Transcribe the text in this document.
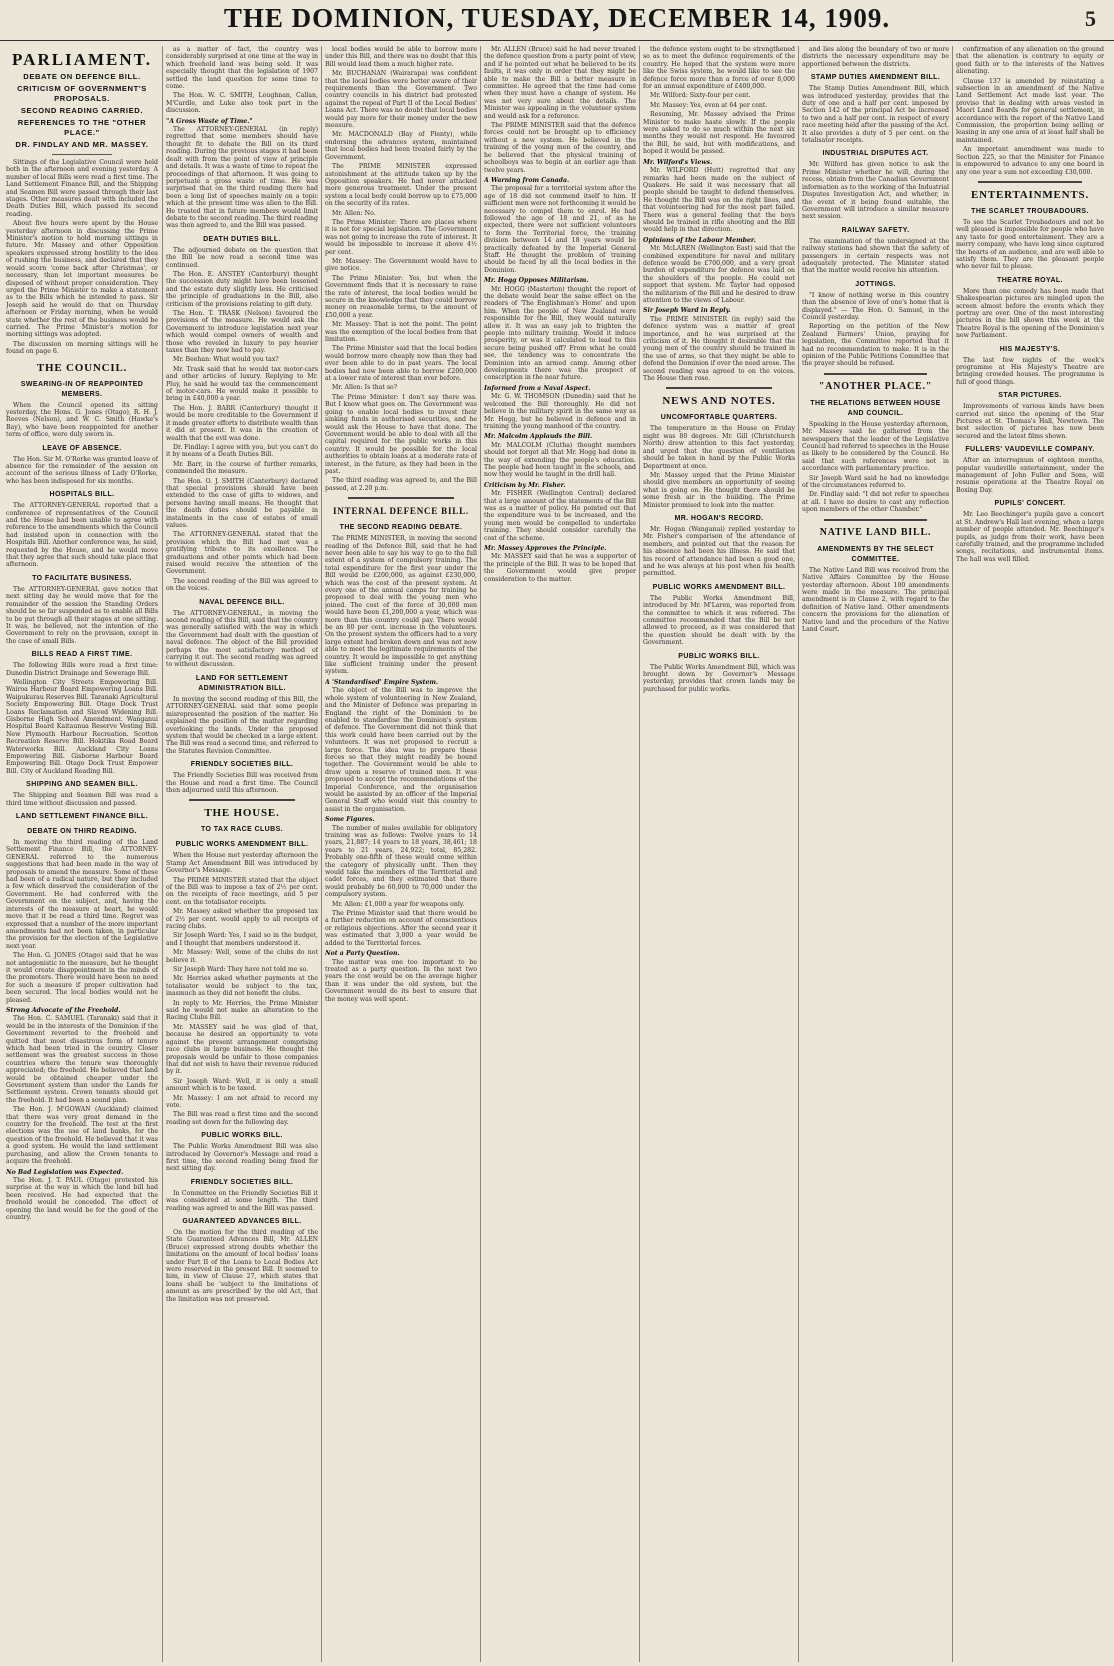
THE DOMINION, TUESDAY, DECEMBER 14, 1909.	5
PARLIAMENT.
DEBATE ON DEFENCE BILL.
CRITICISM OF GOVERNMENT'S PROPOSALS.
SECOND READING CARRIED.
REFERENCES TO THE "OTHER PLACE."
DR. FINDLAY AND MR. MASSEY.

Sittings of the Legislative Council were held both in the afternoon and evening yesterday. A number of local Bills were read a first time. The Land Settlement Finance Bill, and the Shipping and Seamen Bill were passed through their last stages. Other measures dealt with included the Death Duties Bill, which passed its second reading.

About five hours were spent by the House yesterday afternoon in discussing the Prime Minister's motion to hold morning sittings in future. Mr. Massey and other Opposition speakers expressed strong hostility to the idea of rushing the business, and declared that they would scorn 'come back after Christmas', or necessary, than let important measures be disposed of without proper consideration. They urged the Prime Minister to make a statement as to the Bills which he intended to pass. Sir Joseph said he would do that on Thursday afternoon or Friday morning, when he would state whether the rest of the business would be carried. The Prime Minister's motion for morning sittings was adopted.

The discussion on morning sittings will be found on page 6.

THE COUNCIL.
SWEARING-IN OF REAPPOINTED MEMBERS.

When the Council opened its sitting yesterday, the Hons. G. Jones (Otago), R. H. J. Reeves (Nelson), and W. C. Smith (Hawke's Bay), who have been reappointed for another term of office, were duly sworn in.

LEAVE OF ABSENCE.

The Hon. Sir M. O'Rorke was granted leave of absence for the remainder of the session on account of the serious illness of Lady O'Rorke, who has been indisposed for six months.

HOSPITALS BILL.

The ATTORNEY-GENERAL reported that a conference of representatives of the Council and the House had been unable to agree with reference to the amendments which the Council had insisted upon in connection with the Hospitals Bill. Another conference was, he said, requested by the House, and he would move that they agree that such should take place that afternoon.

TO FACILITATE BUSINESS.

The ATTORNEY-GENERAL gave notice that next sitting day he would move that for the remainder of the session the Standing Orders should be so far suspended as to enable all Bills to be put through all their stages at one sitting. It was, he believed, not the intention of the Government to rely on the provision, except in the case of small Bills.

BILLS READ A FIRST TIME.

The following Bills were read a first time: Dunedin District Drainage and Sewerage Bill.

Wellington City Streets Empowering Bill. Wairoa Harbour Board Empowering Loans Bill. Waipukurau Reserves Bill. Taranaki Agricultural Society Empowering Bill. Otago Dock Trust Loans Reclamation and Slaved Widening Bill. Gisborne High School Amendment. Wanganui Hospital Board Kaitaunua Reserve Vesting Bill. New Plymouth Harbour Recreation. Scotton Recreation Reserve Bill. Hokitika Road Board Waterworks Bill. Auckland City Loans Empowering Bill. Gisborne Harbour Board Empowering Bill. Otago Dock Trust Empower Bill. City of Auckland Reading Bill.

SHIPPING AND SEAMEN BILL.

The Shipping and Seamen Bill was read a third time without discussion and passed.

LAND SETTLEMENT FINANCE BILL.
DEBATE ON THIRD READING.

In moving the third reading of the Land Settlement Finance Bill, the ATTORNEY-GENERAL referred to the numerous suggestions that had been made in the way of proposals to amend the measure. Some of these had been of a radical nature, but they included a few which deserved the consideration of the Government. He had conferred with the Government on the subject, and, having the interests of the measure at heart, he would move that it be read a third time. Regret was expressed that a number of the more important amendments had not been taken, in particular the provision for the election of the Legislative next year.

The Hon. G. JONES (Otago) said that he was not antagonistic to the measure, but he thought it would create disappointment in the minds of the promoters. There would have been no need for such a measure if proper cultivation had been secured. The local bodies would not be pleased.

Strong Advocate of the Freehold.

The Hon. C. SAMUEL (Taranaki) said that it would be in the interests of the Dominion if the Government reverted to the freehold and quitted that most disastrous form of tenure which had been tried in the country. Closer settlement was the greatest success in those countries where the tenure was thoroughly appreciated; the freehold. He believed that land would be obtained cheaper under the Government system than under the Lands for Settlement system. Crown tenants should get the freehold. It had been a sound plan.

The Hon. J. M'GOWAN (Auckland) claimed that there was very great demand in the country for the freehold. The test at the first elections was the use of land banks, for the question of the freehold. He believed that it was a good system. He would the land settlement purchasing, and allow the Crown tenants to acquire the freehold.

No Bad Legislation was Expected.

The Hon. J. T. PAUL (Otago) protested his surprise at the way in which the land bill had been received. He had expected that the freehold would be conceded. The effect of opening the land would be for the good of the country.

as a matter of fact, the country was considerably surprised at one time at the way in which freehold land was being sold. It was especially thought that the legislation of 1907 settled the land question for some time to come.

The Hon. W. C. SMITH, Loughnan, Callan, M'Cardle, and Luke also took part in the discussion.

"A Gross Waste of Time."

The ATTORNEY-GENERAL (in reply) regretted that some members should have thought fit to debate the Bill on its third reading. During the previous stages it had been dealt with from the point of view of principle and details. It was a waste of time to repeat the proceedings of that afternoon. It was going to perpetuate a gross waste of time. He was surprised that on the third reading there had been a long list of speeches mainly on a topic which at the present time was alien to the Bill. He trusted that in future members would limit debate to the second reading. The third reading was then agreed to, and the Bill was passed.

DEATH DUTIES BILL.

The adjourned debate on the question that the Bill be now read a second time was continued.

The Hon. E. ANSTEY (Canterbury) thought the succession duty might have been lessened and the estate duty slightly less. He criticised the principle of graduations in the Bill, also criticism of the provisions relating to gift duty.

The Hon. T. TRASK (Nelson) favoured the provisions of the measure. He would ask the Government to introduce legislation next year which would compel owners of wealth and those who reveled in luxury to pay heavier taxes than they now had to pay.

Mr. Beehan: What would you tax?

Mr. Trask said that he would tax motor-cars and other articles of luxury. Replying to Mr. Pluy, he said he would tax the commencement of motor-cars. He would make it possible to bring in £40,000 a year.

The Hon. J. BARR (Canterbury) thought it would be more creditable to the Government if it made greater efforts to distribute wealth than it did at present. It was in the creation of wealth that the evil was done.

Dr. Findlay: I agree with you, but you can't do it by means of a Death Duties Bill.

Mr. Barr, in the course of further remarks, commended the measure.

The Hon. O. J. SMITH (Canterbury) declared that special provisions should have been extended to the case of gifts to widows, and persons having small means. He thought that the death duties should be payable in instalments in the case of estates of small values.

The ATTORNEY-GENERAL stated that the provision which the Bill had met was a gratifying tribute to its excellence. The graduations and other points which had been raised would receive the attention of the Government.

The second reading of the Bill was agreed to on the voices.

NAVAL DEFENCE BILL.

The ATTORNEY-GENERAL, in moving the second reading of this Bill, said that the country was generally satisfied with the way in which the Government had dealt with the question of naval defence. The object of the Bill provided perhaps the most satisfactory method of carrying it out. The second reading was agreed to without discussion.

LAND FOR SETTLEMENT ADMINISTRATION BILL.

In moving the second reading of this Bill, the ATTORNEY-GENERAL said that some people misrepresented the position of the matter. He explained the position of the matter regarding overlooking the lands. Under the proposed system that would be checked in a large extent. The Bill was read a second time, and referred to the Statutes Revision Committee.

FRIENDLY SOCIETIES BILL.

The Friendly Societies Bill was received from the House and read a first time. The Council then adjourned until this afternoon.

THE HOUSE.
TO TAX RACE CLUBS.
PUBLIC WORKS AMENDMENT BILL.

When the House met yesterday afternoon the Stamp Act Amendment Bill was introduced by Governor's Message.

The PRIME MINISTER stated that the object of the Bill was to impose a tax of 2½ per cent. on the receipts of race meetings, and 5 per cent. on the totalisator receipts.

Mr. Massey asked whether the proposed tax of 2½ per cent. would apply to all receipts of racing clubs.

Sir Joseph Ward: Yes, I said so in the budget, and I thought that members understood it.

Mr. Massey: Well, some of the clubs do not believe it.

Sir Joseph Ward: They have not told me so.

Mr. Herries asked whether payments at the totalisator would be subject to the tax, inasmuch as they did not benefit the clubs.

In reply to Mr. Herries, the Prime Minister said he would not make an alteration to the Racing Clubs Bill.

Mr. MASSEY said he was glad of that, because he desired an opportunity to vote against the present arrangement comprising race clubs in large business. He thought the proposals would be unfair to those companies that did not wish to have their revenue reduced by it.

Sir Joseph Ward: Well, it is only a small amount which is to be taxed.

Mr. Massey: I am not afraid to record my vote.

The Bill was read a first time and the second reading set down for the following day.

PUBLIC WORKS BILL.

The Public Works Amendment Bill was also introduced by Governor's Message and read a first time, the second reading being fixed for next sitting day.

FRIENDLY SOCIETIES BILL.

In Committee on the Friendly Societies Bill it was considered at some length. The third reading was agreed to and the Bill was passed.

GUARANTEED ADVANCES BILL.

On the motion for the third reading of the State Guaranteed Advances Bill, Mr. ALLEN (Bruce) expressed strong doubts whether the limitations on the amount of local bodies' loans under Part II of the Loans to Local Bodies Act were reserved in the present Bill. It seemed to him, in view of Clause 27, which states that loans shall be 'subject to the limitations of amount as are prescribed' by the old Act, that the limitation was not preserved.

local bodies would be able to borrow more under this Bill, and there was no doubt that this Bill would lead them a much higher rate.

Mr. BUCHANAN (Wairarapa) was confident that the local bodies were better aware of their requirements than the Government. Two country councils in his district had protested against the repeal of Part II of the Local Bodies' Loans Act. There was no doubt that local bodies would pay more for their money under the new measure.

Mr. MACDONALD (Bay of Plenty), while endorsing the advances system, maintained that local bodies had been treated fairly by the Government.

The PRIME MINISTER expressed astonishment at the attitude taken up by the Opposition speakers. He had never attacked more generous treatment. Under the present system a local body could borrow up to £75,000 on the security of its rates.

Mr. Allen: No.

The Prime Minister: There are places where it is not for special legislation. The Government was not going to increase the rate of interest. It would be impossible to increase it above 4½ per cent.

Mr. Massey: The Government would have to give notice.

The Prime Minister: Yes, but when the Government finds that it is necessary to raise the rate of interest, the local bodies would be secure in the knowledge that they could borrow money on reasonable terms, to the amount of £50,000 a year.

Mr. Massey: That is not the point. The point was the exemption of the local bodies from that limitation.

The Prime Minister said that the local bodies would borrow more cheaply now than they had ever been able to do in past years. The local bodies had now been able to borrow £200,000 at a lower rate of interest than ever before.

Mr. Allen: Is that so?

The Prime Minister: I don't say there was. But I know what goes on. The Government was going to enable local bodies to invest their sinking funds in authorised securities, and he would ask the House to have that done. The Government would be able to deal with all the capital required for the public works in this country. It would be possible for the local authorities to obtain loans at a moderate rate of interest, in the future, as they had been in the past.

The third reading was agreed to, and the Bill passed, at 2.20 p.m.

INTERNAL DEFENCE BILL.
THE SECOND READING DEBATE.

The PRIME MINISTER, in moving the second reading of the Defence Bill, said that he had never been able to say his way to go to the full extent of a system of compulsory training. The total expenditure for the first year under the Bill would be £200,000, as against £230,000, which was the cost of the present system. At every one of the annual camps for training he proposed to deal with the young men who joined. The cost of the force of 30,000 men would have been £1,200,000 a year, which was more than this country could pay. There would be an 80 per cent. increase in the volunteers. On the present system the officers had to a very large extent had broken down and was not now able to meet the legitimate requirements of the country. It would be impossible to get anything like sufficient training under the present system.

A 'Standardised' Empire System.

The object of the Bill was to improve the whole system of volunteering in New Zealand, and the Minister of Defence was preparing in England the right of the Dominion to be enabled to standardise the Dominion's system of defence. The Government did not think that this work could have been carried out by the volunteers. It was not proposed to recruit a large force. The idea was to prepare these forces so that they might readily be bound together. The Government would be able to draw upon a reserve of trained men. It was proposed to accept the recommendations of the Imperial Conference, and the organisation would be assisted by an officer of the Imperial General Staff who would visit this country to assist in the organisation.

Some Figures.

The number of males available for obligatory training was as follows: Twelve years to 14 years, 21,887; 14 years to 18 years, 38,461; 18 years to 21 years, 24,922; total, 85,282. Probably one-fifth of these would come within the category of physically unfit. Then they would take the members of the Territorial and cadet forces, and they estimated that there would probably be 60,000 to 70,000 under the compulsory system.

Mr. Allen: £1,000 a year for weapons only.

The Prime Minister said that there would be a further reduction on account of conscientious or religious objections. After the second year it was estimated that 3,000 a year would be added to the Territorial forces.

Not a Party Question.

The matter was one too important to be treated as a party question. In the next two years the cost would be on the average higher than it was under the old system, but the Government would do its best to ensure that the money was well spent.

Mr. ALLEN (Bruce) said he had never treated the defence question from a party point of view, and if he pointed out what he believed to be its faults, it was only in order that they might be able to make the Bill a better measure in committee. He agreed that the time had come when they must have a change of system. He was not very sure about the details. The Minister was appealing in the volunteer system and would ask for a reference.

The PRIME MINISTER said that the defence forces could not be brought up to efficiency without a new system. He believed in the training of the young men of the country, and he believed that the physical training of schoolboys was to begin at an earlier age than twelve years.

A Warning from Canada.

The proposal for a territorial system after the age of 18 did not commend itself to him. If sufficient men were not forthcoming it would be necessary to compel them to enrol. He had followed the age of 18 and 21, of as he expected, there were not sufficient volunteers to form the Territorial force, the training division between 14 and 18 years would be practically defeated by the Imperial General Staff. He thought the problem of training should be faced by all the local bodies in the Dominion.

Mr. Hogg Opposes Militarism.

Mr. HOGG (Masterton) thought the report of the debate would bear the same effect on the readers of 'The Englishman's Home' and upon him. When the people of New Zealand were responsible for the Bill, they would naturally allow it. It was an easy job to frighten the people into military training. Would it induce prosperity, or was it calculated to lead to this secure being pushed off? From what he could see, the tendency was to concentrate the Dominion into an armed camp. Among other developments there was the prospect of conscription in the near future.

Informed from a Naval Aspect.

Mr. G. W. THOMSON (Dunedin) said that he welcomed the Bill thoroughly. He did not believe in the military spirit in the same way as Mr. Hogg, but he believed in defence and in training the young manhood of the country.

Mr. Malcolm Applauds the Bill.

Mr. MALCOLM (Clutha) thought members should not forget all that Mr. Hogg had done in the way of extending the people's education. The people had been taught in the schools, and now they would be taught in the drill hall.

Criticism by Mr. Fisher.

Mr. FISHER (Wellington Central) declared that a large amount of the statements of the Bill was as a matter of policy. He pointed out that the expenditure was to be increased, and the young men would be compelled to undertake training. They should consider carefully the cost of the scheme.

Mr. Massey Approves the Principle.

Mr. MASSEY said that he was a supporter of the principle of the Bill. It was to be hoped that the Government would give proper consideration to the matter.

the defence system ought to be strengthened so as to meet the defence requirements of the country. He hoped that the system were more like the Swiss system, he would like to see the defence force more than a force of over 8,000 for an annual expenditure of £400,000.

Mr. Wilford: Sixty-four per cent.

Mr. Massey: Yes, even at 64 per cent.

Resuming, Mr. Massey advised the Prime Minister to make haste slowly. If the people were asked to do so much within the next six months they would not respond. He favoured the Bill, he said, but with modifications, and hoped it would be passed.

Mr. Wilford's Views.

Mr. WILFORD (Hutt) regretted that any remarks had been made on the subject of Quakers. He said it was necessary that all people should be taught to defend themselves. He thought the Bill was on the right lines, and that volunteering had for the most part failed. There was a general feeling that the boys should be trained in rifle shooting and the Bill would help in that direction.

Opinions of the Labour Member.

Mr. McLAREN (Wellington East) said that the combined expenditure for naval and military defence would be £700,000, and a very great burden of expenditure for defence was laid on the shoulders of the people. He could not support that system. Mr. Taylor had opposed the militarism of the Bill and he desired to draw attention to the views of Labour.

Sir Joseph Ward in Reply.

The PRIME MINISTER (in reply) said the defence system was a matter of great importance, and he was surprised at the criticism of it. He thought it desirable that the young men of the country should be trained in the use of arms, so that they might be able to defend the Dominion if ever the need arose. The second reading was agreed to on the voices. The House then rose.

NEWS AND NOTES.
UNCOMFORTABLE QUARTERS.

The temperature in the House on Friday night was 80 degrees. Mr. Gill (Christchurch North) drew attention to this fact yesterday, and urged that the question of ventilation should be taken in hand by the Public Works Department at once.

Mr. Massey urged that the Prime Minister should give members an opportunity of seeing what is going on. He thought there should be some fresh air in the building. The Prime Minister promised to look into the matter.

MR. HOGAN'S RECORD.

Mr. Hogan (Wanganui) replied yesterday to Mr. Fisher's comparison of the attendance of members, and pointed out that the reason for his absence had been his illness. He said that his record of attendance had been a good one, and he was always at his post when his health permitted.

PUBLIC WORKS AMENDMENT BILL.

The Public Works Amendment Bill, introduced by Mr. M'Laren, was reported from the committee to which it was referred. The committee recommended that the Bill be not allowed to proceed, as it was considered that the question should be dealt with by the Government.

PUBLIC WORKS BILL.

The Public Works Amendment Bill, which was brought down by Governor's Message yesterday, provides that crown lands may be purchased for public works.

and lies along the boundary of two or more districts the necessary expenditure may be apportioned between the districts.

STAMP DUTIES AMENDMENT BILL.

The Stamp Duties Amendment Bill, which was introduced yesterday, provides that the duty of one and a half per cent. imposed by Section 142 of the principal Act be increased to two and a half per cent. in respect of every race meeting held after the passing of the Act. It also provides a duty of 5 per cent. on the totalisator receipts.

INDUSTRIAL DISPUTES ACT.

Mr. Wilford has given notice to ask the Prime Minister whether he will, during the recess, obtain from the Canadian Government information as to the working of the Industrial Disputes Investigation Act, and whether, in the event of it being found suitable, the Government will introduce a similar measure next session.

RAILWAY SAFETY.

The examination of the undersigned at the railway stations had shown that the safety of passengers in certain respects was not adequately protected. The Minister stated that the matter would receive his attention.

JOTTINGS.

"I know of nothing worse in this country than the absence of love of one's home that is displayed." — The Hon. O. Samuel, in the Council yesterday.

Reporting on the petition of the New Zealand Farmers' Union, praying for legislation, the Committee reported that it had no recommendation to make. It is in the opinion of the Public Petitions Committee that the prayer should be refused.

"ANOTHER PLACE."
THE RELATIONS BETWEEN HOUSE AND COUNCIL.

Speaking in the House yesterday afternoon, Mr. Massey said he gathered from the newspapers that the leader of the Legislative Council had referred to speeches in the House as likely to be considered by the Council. He said that such references were not in accordance with parliamentary practice.

Sir Joseph Ward said he had no knowledge of the circumstances referred to.

Dr. Findlay said: "I did not refer to speeches at all. I have no desire to cast any reflection upon members of the other Chamber."

NATIVE LAND BILL.
AMENDMENTS BY THE SELECT COMMITTEE.

The Native Land Bill was received from the Native Affairs Committee by the House yesterday afternoon. About 100 amendments were made in the measure. The principal amendment is in Clause 2, with regard to the definition of Native land. Other amendments concern the provisions for the alienation of Native land and the procedure of the Native Land Court.

confirmation of any alienation on the ground that the alienation is contrary to equity or good faith or to the interests of the Natives alienating.

Clause 137 is amended by reinstating a subsection in an amendment of the Native Land Settlement Act made last year. The proviso that in dealing with areas vested in Maori Land Boards for general settlement, in accordance with the report of the Native Land Commission, the proportion being selling or leasing in any one area of at least half shall be maintained.

An important amendment was made to Section 225, so that the Minister for Finance is empowered to advance to any one board in any one year a sum not exceeding £30,000.

ENTERTAINMENTS.
THE SCARLET TROUBADOURS.

To see the Scarlet Troubadours and not be well pleased is impossible for people who have any taste for good entertainment. They are a merry company, who have long since captured the hearts of an audience, and are well able to satisfy them. They are the pleasant people who never fail to please.

THEATRE ROYAL.

More than one comedy has been made that Shakespearian pictures are mingled upon the screen almost before the events which they portray are over. One of the most interesting pictures in the bill shown this week at the Theatre Royal is the opening of the Dominion's new Parliament.

HIS MAJESTY'S.

The last few nights of the week's programme at His Majesty's Theatre are bringing crowded houses. The programme is full of good things.

STAR PICTURES.

Improvements of various kinds have been carried out since the opening of the Star Pictures at St. Thomas's Hall, Newtown. The best selection of pictures has now been secured and the latest films shown.

FULLERS' VAUDEVILLE COMPANY.

After an interregnum of eighteen months, popular vaudeville entertainment, under the management of John Fuller and Sons, will resume operations at the Theatre Royal on Boxing Day.

PUPILS' CONCERT.

Mr. Leo Beechinger's pupils gave a concert at St. Andrew's Hall last evening, when a large number of people attended. Mr. Beechinger's pupils, as judge from their work, have been carefully trained, and the programme included songs, recitations, and instrumental items. The hall was well filled.
